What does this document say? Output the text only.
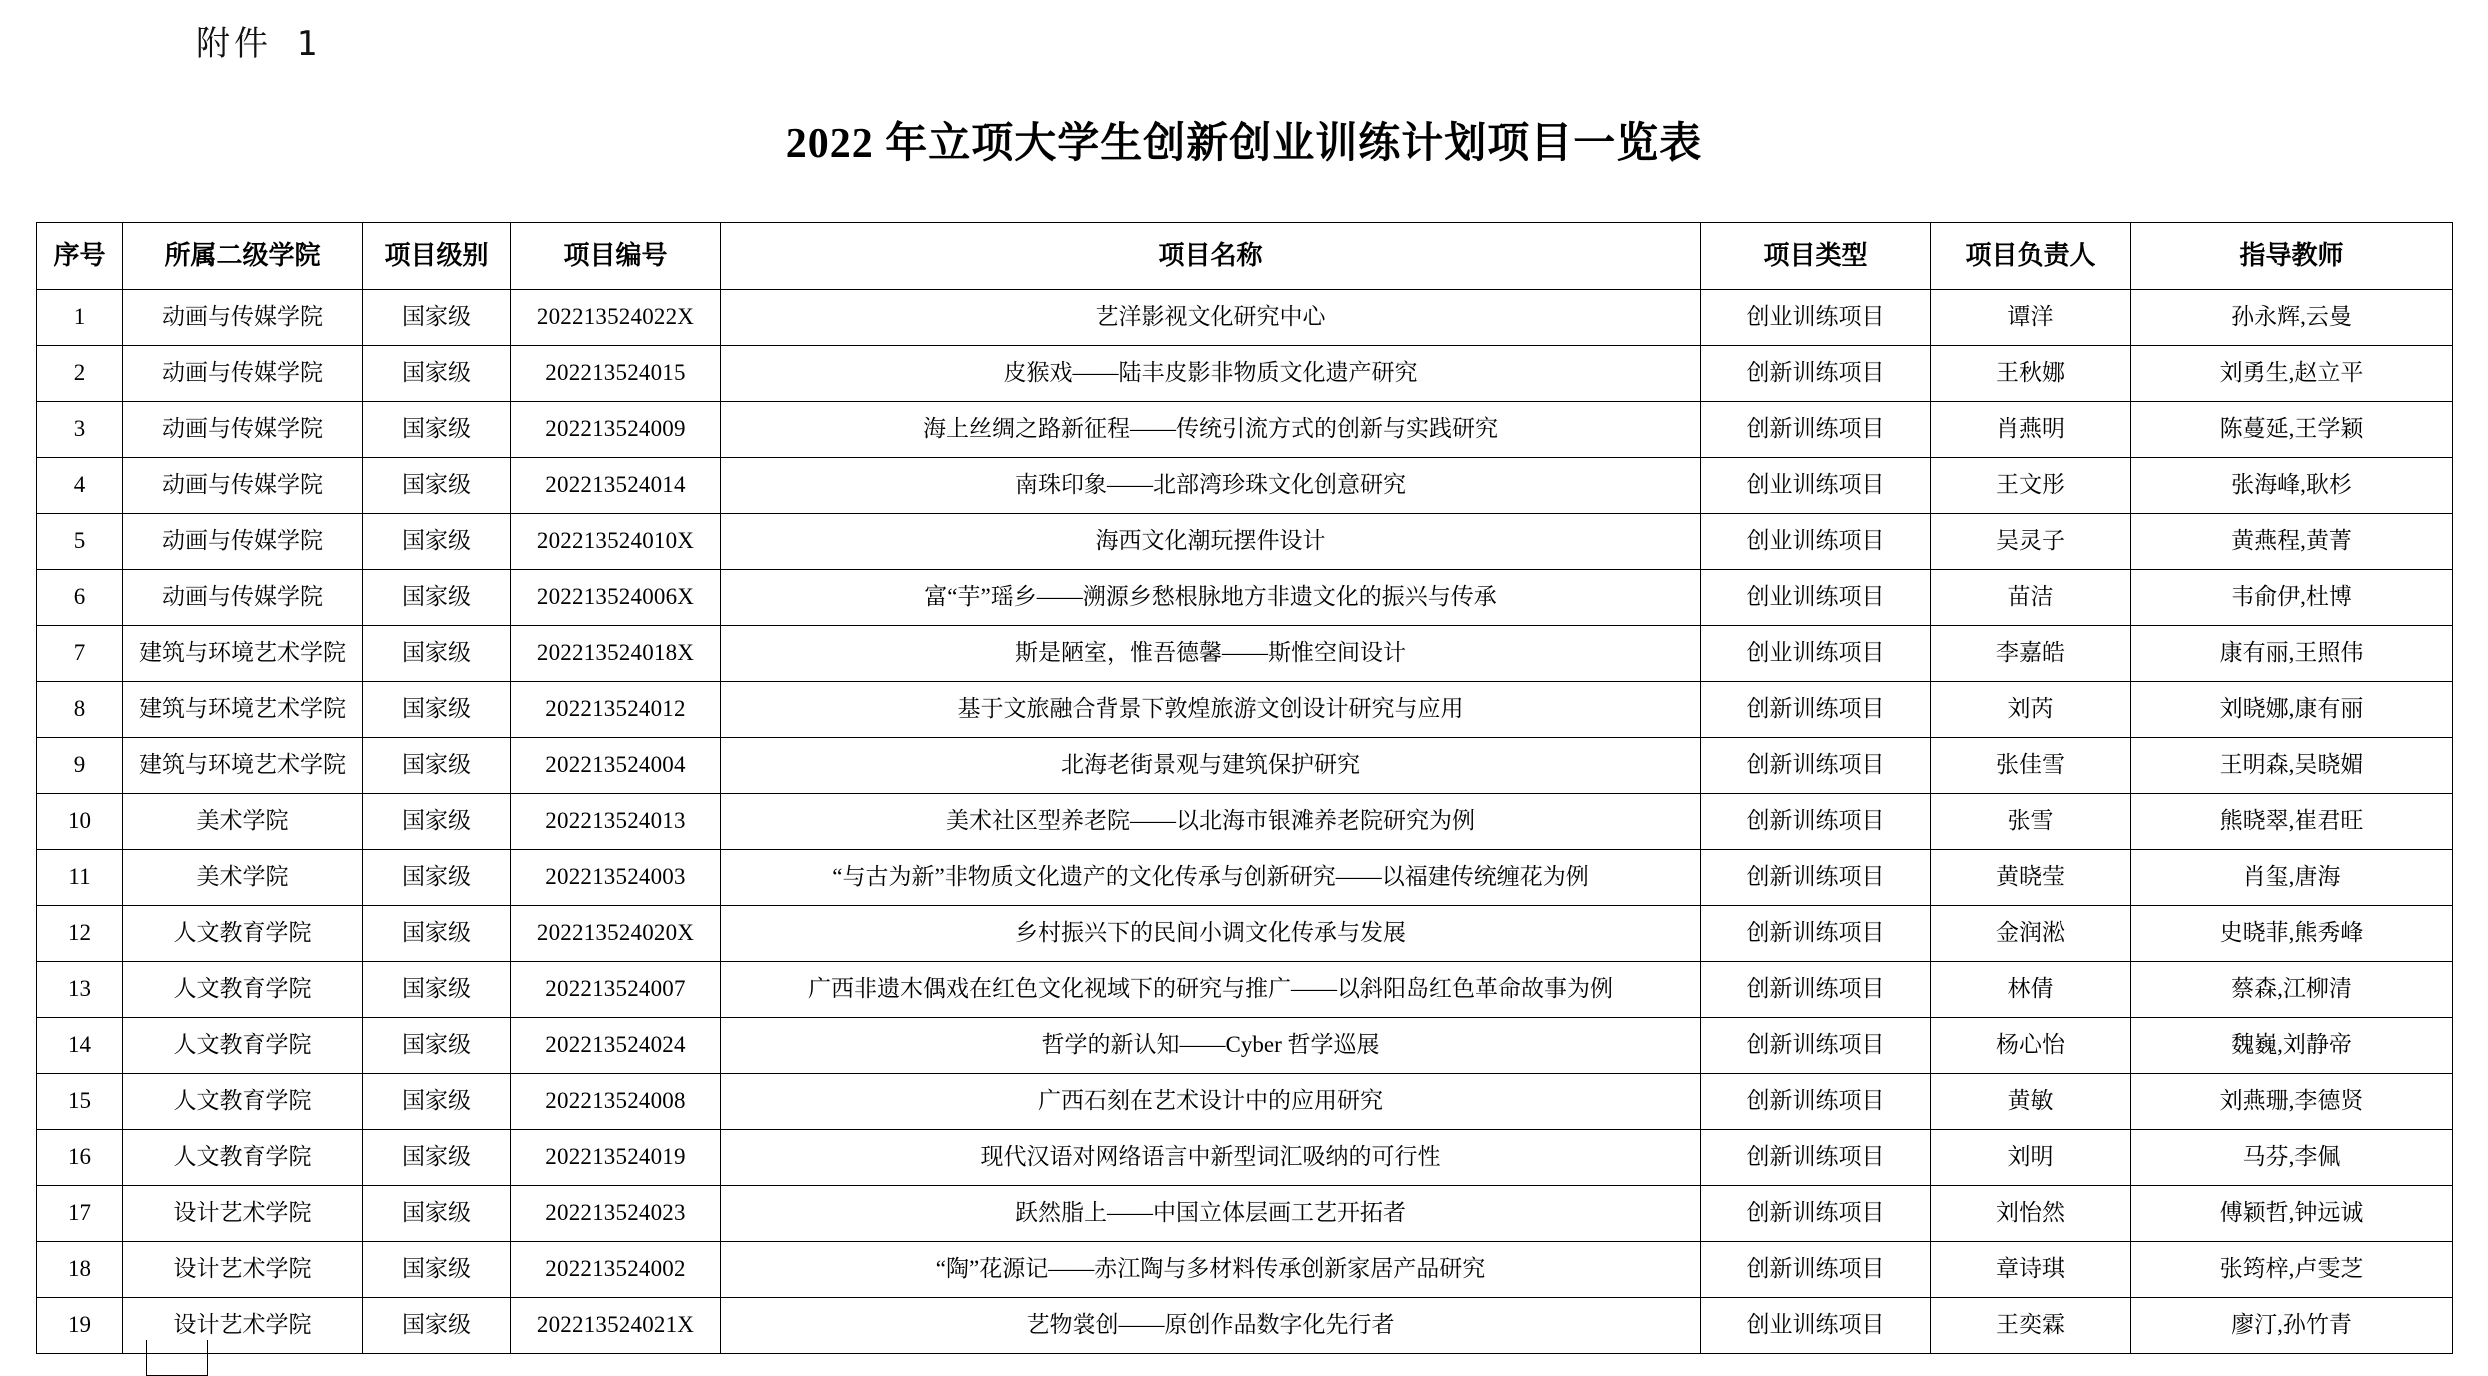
附件 1
2022 年立项大学生创新创业训练计划项目一览表
序号	所属二级学院	项目级别	项目编号	项目名称	项目类型	项目负责人	指导教师
1	动画与传媒学院	国家级	202213524022X	艺洋影视文化研究中心	创业训练项目	谭洋	孙永辉,云曼
2	动画与传媒学院	国家级	202213524015	皮猴戏——陆丰皮影非物质文化遗产研究	创新训练项目	王秋娜	刘勇生,赵立平
3	动画与传媒学院	国家级	202213524009	海上丝绸之路新征程——传统引流方式的创新与实践研究	创新训练项目	肖燕明	陈蔓延,王学颖
4	动画与传媒学院	国家级	202213524014	南珠印象——北部湾珍珠文化创意研究	创业训练项目	王文彤	张海峰,耿杉
5	动画与传媒学院	国家级	202213524010X	海西文化潮玩摆件设计	创业训练项目	吴灵子	黄燕程,黄菁
6	动画与传媒学院	国家级	202213524006X	富“芋”瑶乡——溯源乡愁根脉地方非遗文化的振兴与传承	创业训练项目	苗洁	韦俞伊,杜博
7	建筑与环境艺术学院	国家级	202213524018X	斯是陋室，惟吾德馨——斯惟空间设计	创业训练项目	李嘉皓	康有丽,王照伟
8	建筑与环境艺术学院	国家级	202213524012	基于文旅融合背景下敦煌旅游文创设计研究与应用	创新训练项目	刘芮	刘晓娜,康有丽
9	建筑与环境艺术学院	国家级	202213524004	北海老街景观与建筑保护研究	创新训练项目	张佳雪	王明森,吴晓媚
10	美术学院	国家级	202213524013	美术社区型养老院——以北海市银滩养老院研究为例	创新训练项目	张雪	熊晓翠,崔君旺
11	美术学院	国家级	202213524003	“与古为新”非物质文化遗产的文化传承与创新研究——以福建传统缠花为例	创新训练项目	黄晓莹	肖玺,唐海
12	人文教育学院	国家级	202213524020X	乡村振兴下的民间小调文化传承与发展	创新训练项目	金润淞	史晓菲,熊秀峰
13	人文教育学院	国家级	202213524007	广西非遗木偶戏在红色文化视域下的研究与推广——以斜阳岛红色革命故事为例	创新训练项目	林倩	蔡森,江柳清
14	人文教育学院	国家级	202213524024	哲学的新认知——Cyber 哲学巡展	创新训练项目	杨心怡	魏巍,刘静帝
15	人文教育学院	国家级	202213524008	广西石刻在艺术设计中的应用研究	创新训练项目	黄敏	刘燕珊,李德贤
16	人文教育学院	国家级	202213524019	现代汉语对网络语言中新型词汇吸纳的可行性	创新训练项目	刘明	马芬,李佩
17	设计艺术学院	国家级	202213524023	跃然脂上——中国立体层画工艺开拓者	创新训练项目	刘怡然	傅颖哲,钟远诚
18	设计艺术学院	国家级	202213524002	“陶”花源记——赤江陶与多材料传承创新家居产品研究	创新训练项目	章诗琪	张筠梓,卢雯芝
19	设计艺术学院	国家级	202213524021X	艺物裳创——原创作品数字化先行者	创业训练项目	王奕霖	廖汀,孙竹青
